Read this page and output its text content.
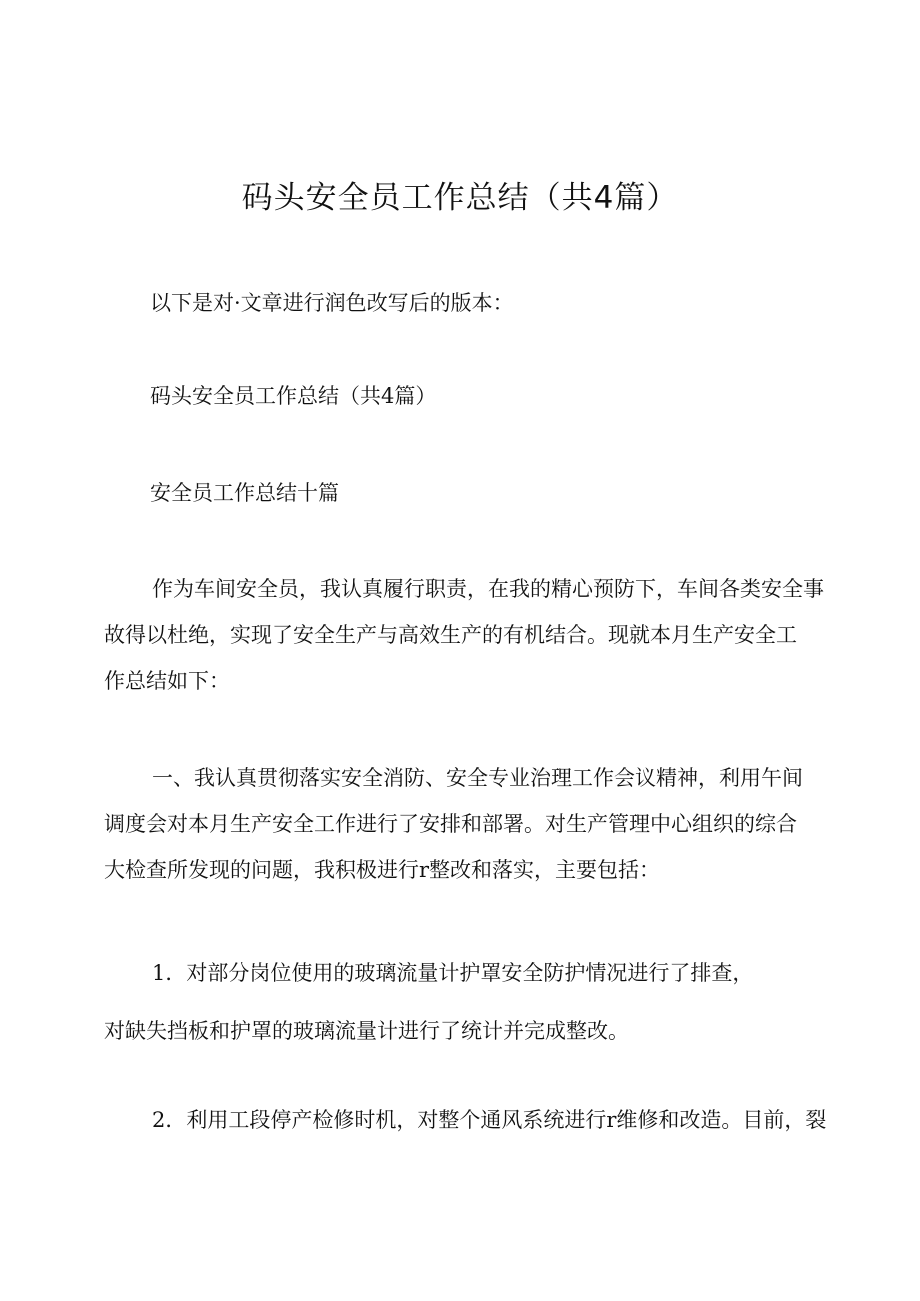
码头安全员工作总结（共4篇）

以下是对·文章进行润色改写后的版本：

码头安全员工作总结（共4篇）

安全员工作总结十篇

作为车间安全员，我认真履行职责，在我的精心预防下，车间各类安全事
故得以杜绝，实现了安全生产与高效生产的有机结合。现就本月生产安全工
作总结如下：
一、我认真贯彻落实安全消防、安全专业治理工作会议精神，利用午间
调度会对本月生产安全工作进行了安排和部署。对生产管理中心组织的综合
大检查所发现的问题，我积极进行r整改和落实，主要包括：
1．对部分岗位使用的玻璃流量计护罩安全防护情况进行了排查，
对缺失挡板和护罩的玻璃流量计进行了统计并完成整改。
2．利用工段停产检修时机，对整个通风系统进行r维修和改造。目前，裂
